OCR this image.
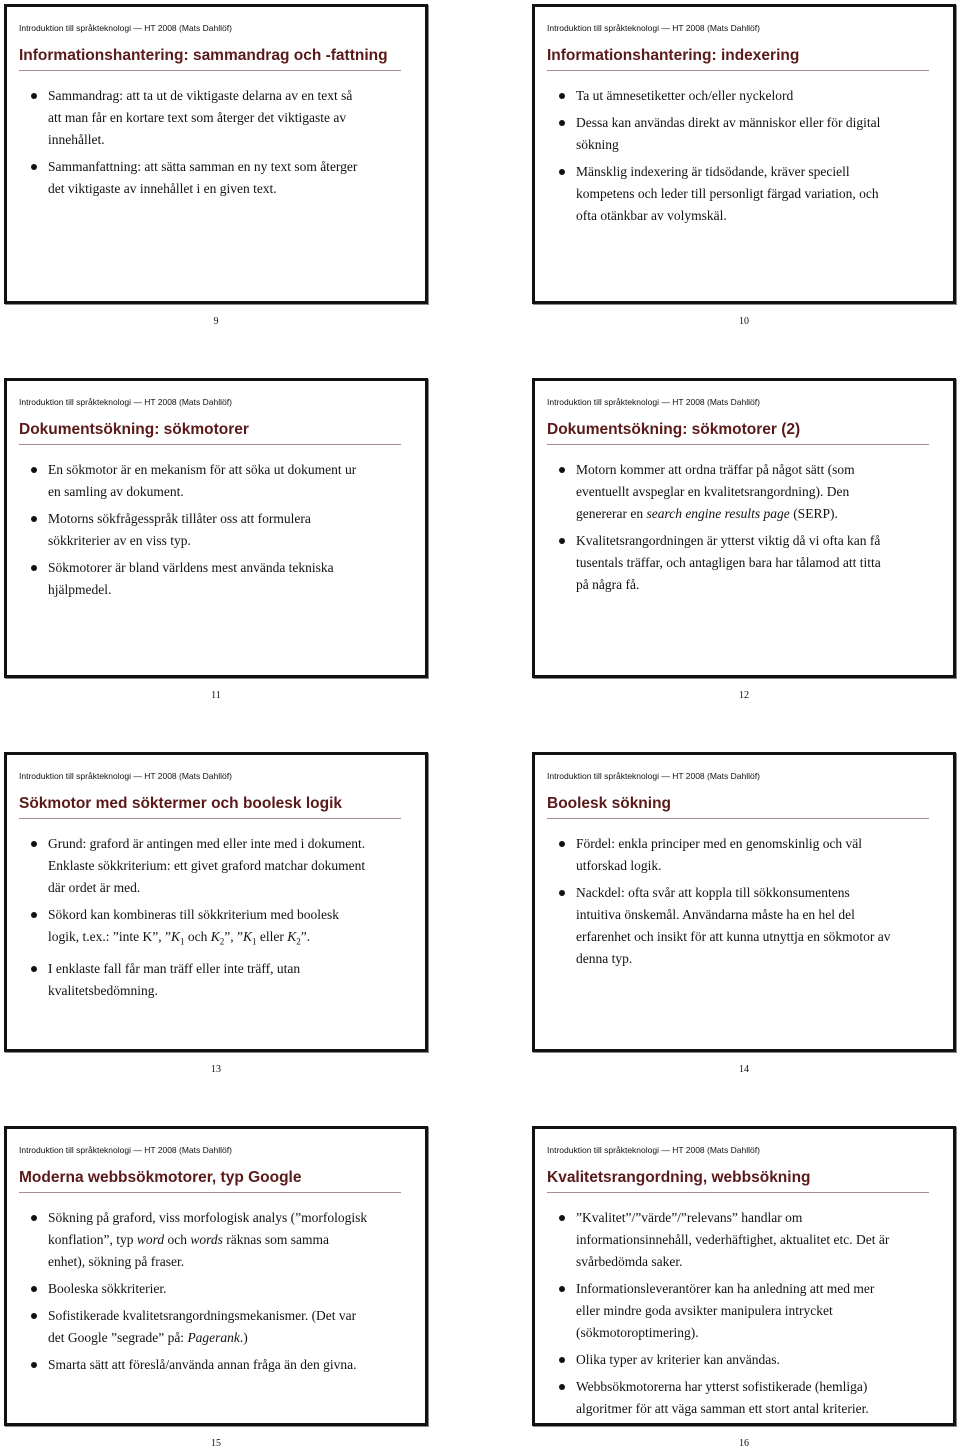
Introduktion till språkteknologi — HT 2008 (Mats Dahllöf)
Informationshantering: sammandrag och -fattning
Sammandrag: att ta ut de viktigaste delarna av en text så
att man får en kortare text som återger det viktigaste av
innehållet.
Sammanfattning: att sätta samman en ny text som återger
det viktigaste av innehållet i en given text.
9
Introduktion till språkteknologi — HT 2008 (Mats Dahllöf)
Informationshantering: indexering
Ta ut ämnesetiketter och/eller nyckelord
Dessa kan användas direkt av människor eller för digital
sökning
Mänsklig indexering är tidsödande, kräver speciell
kompetens och leder till personligt färgad variation, och
ofta otänkbar av volymskäl.
10
Introduktion till språkteknologi — HT 2008 (Mats Dahllöf)
Dokumentsökning: sökmotorer
En sökmotor är en mekanism för att söka ut dokument ur
en samling av dokument.
Motorns sökfrågesspråk tillåter oss att formulera
sökkriterier av en viss typ.
Sökmotorer är bland världens mest använda tekniska
hjälpmedel.
11
Introduktion till språkteknologi — HT 2008 (Mats Dahllöf)
Dokumentsökning: sökmotorer (2)
Motorn kommer att ordna träffar på något sätt (som
eventuellt avspeglar en kvalitetsrangordning). Den
genererar en search engine results page (SERP).
Kvalitetsrangordningen är ytterst viktig då vi ofta kan få
tusentals träffar, och antagligen bara har tålamod att titta
på några få.
12
Introduktion till språkteknologi — HT 2008 (Mats Dahllöf)
Sökmotor med söktermer och boolesk logik
Grund: graford är antingen med eller inte med i dokument.
Enklaste sökkriterium: ett givet graford matchar dokument
där ordet är med.
Sökord kan kombineras till sökkriterium med boolesk
logik, t.ex.: ”inte K”, $”K_1$ och $K_2$”, $”K_1$ eller $K_2$”.
I enklaste fall får man träff eller inte träff, utan
kvalitetsbedömning.
13
Introduktion till språkteknologi — HT 2008 (Mats Dahllöf)
Boolesk sökning
Fördel: enkla principer med en genomskinlig och väl
utforskad logik.
Nackdel: ofta svår att koppla till sökkonsumentens
intuitiva önskemål. Användarna måste ha en hel del
erfarenhet och insikt för att kunna utnyttja en sökmotor av
denna typ.
14
Introduktion till språkteknologi — HT 2008 (Mats Dahllöf)
Moderna webbsökmotorer, typ Google
Sökning på graford, viss morfologisk analys (”morfologisk
konflation”, typ word och words räknas som samma
enhet), sökning på fraser.
Booleska sökkriterier.
Sofistikerade kvalitetsrangordningsmekanismer. (Det var
det Google ”segrade” på: Pagerank.)
Smarta sätt att föreslå/använda annan fråga än den givna.
15
Introduktion till språkteknologi — HT 2008 (Mats Dahllöf)
Kvalitetsrangordning, webbsökning
”Kvalitet”/”värde”/”relevans” handlar om
informationsinnehåll, vederhäftighet, aktualitet etc. Det är
svårbedömda saker.
Informationsleverantörer kan ha anledning att med mer
eller mindre goda avsikter manipulera intrycket
(sökmotoroptimering).
Olika typer av kriterier kan användas.
Webbsökmotorerna har ytterst sofistikerade (hemliga)
algoritmer för att väga samman ett stort antal kriterier.
16
